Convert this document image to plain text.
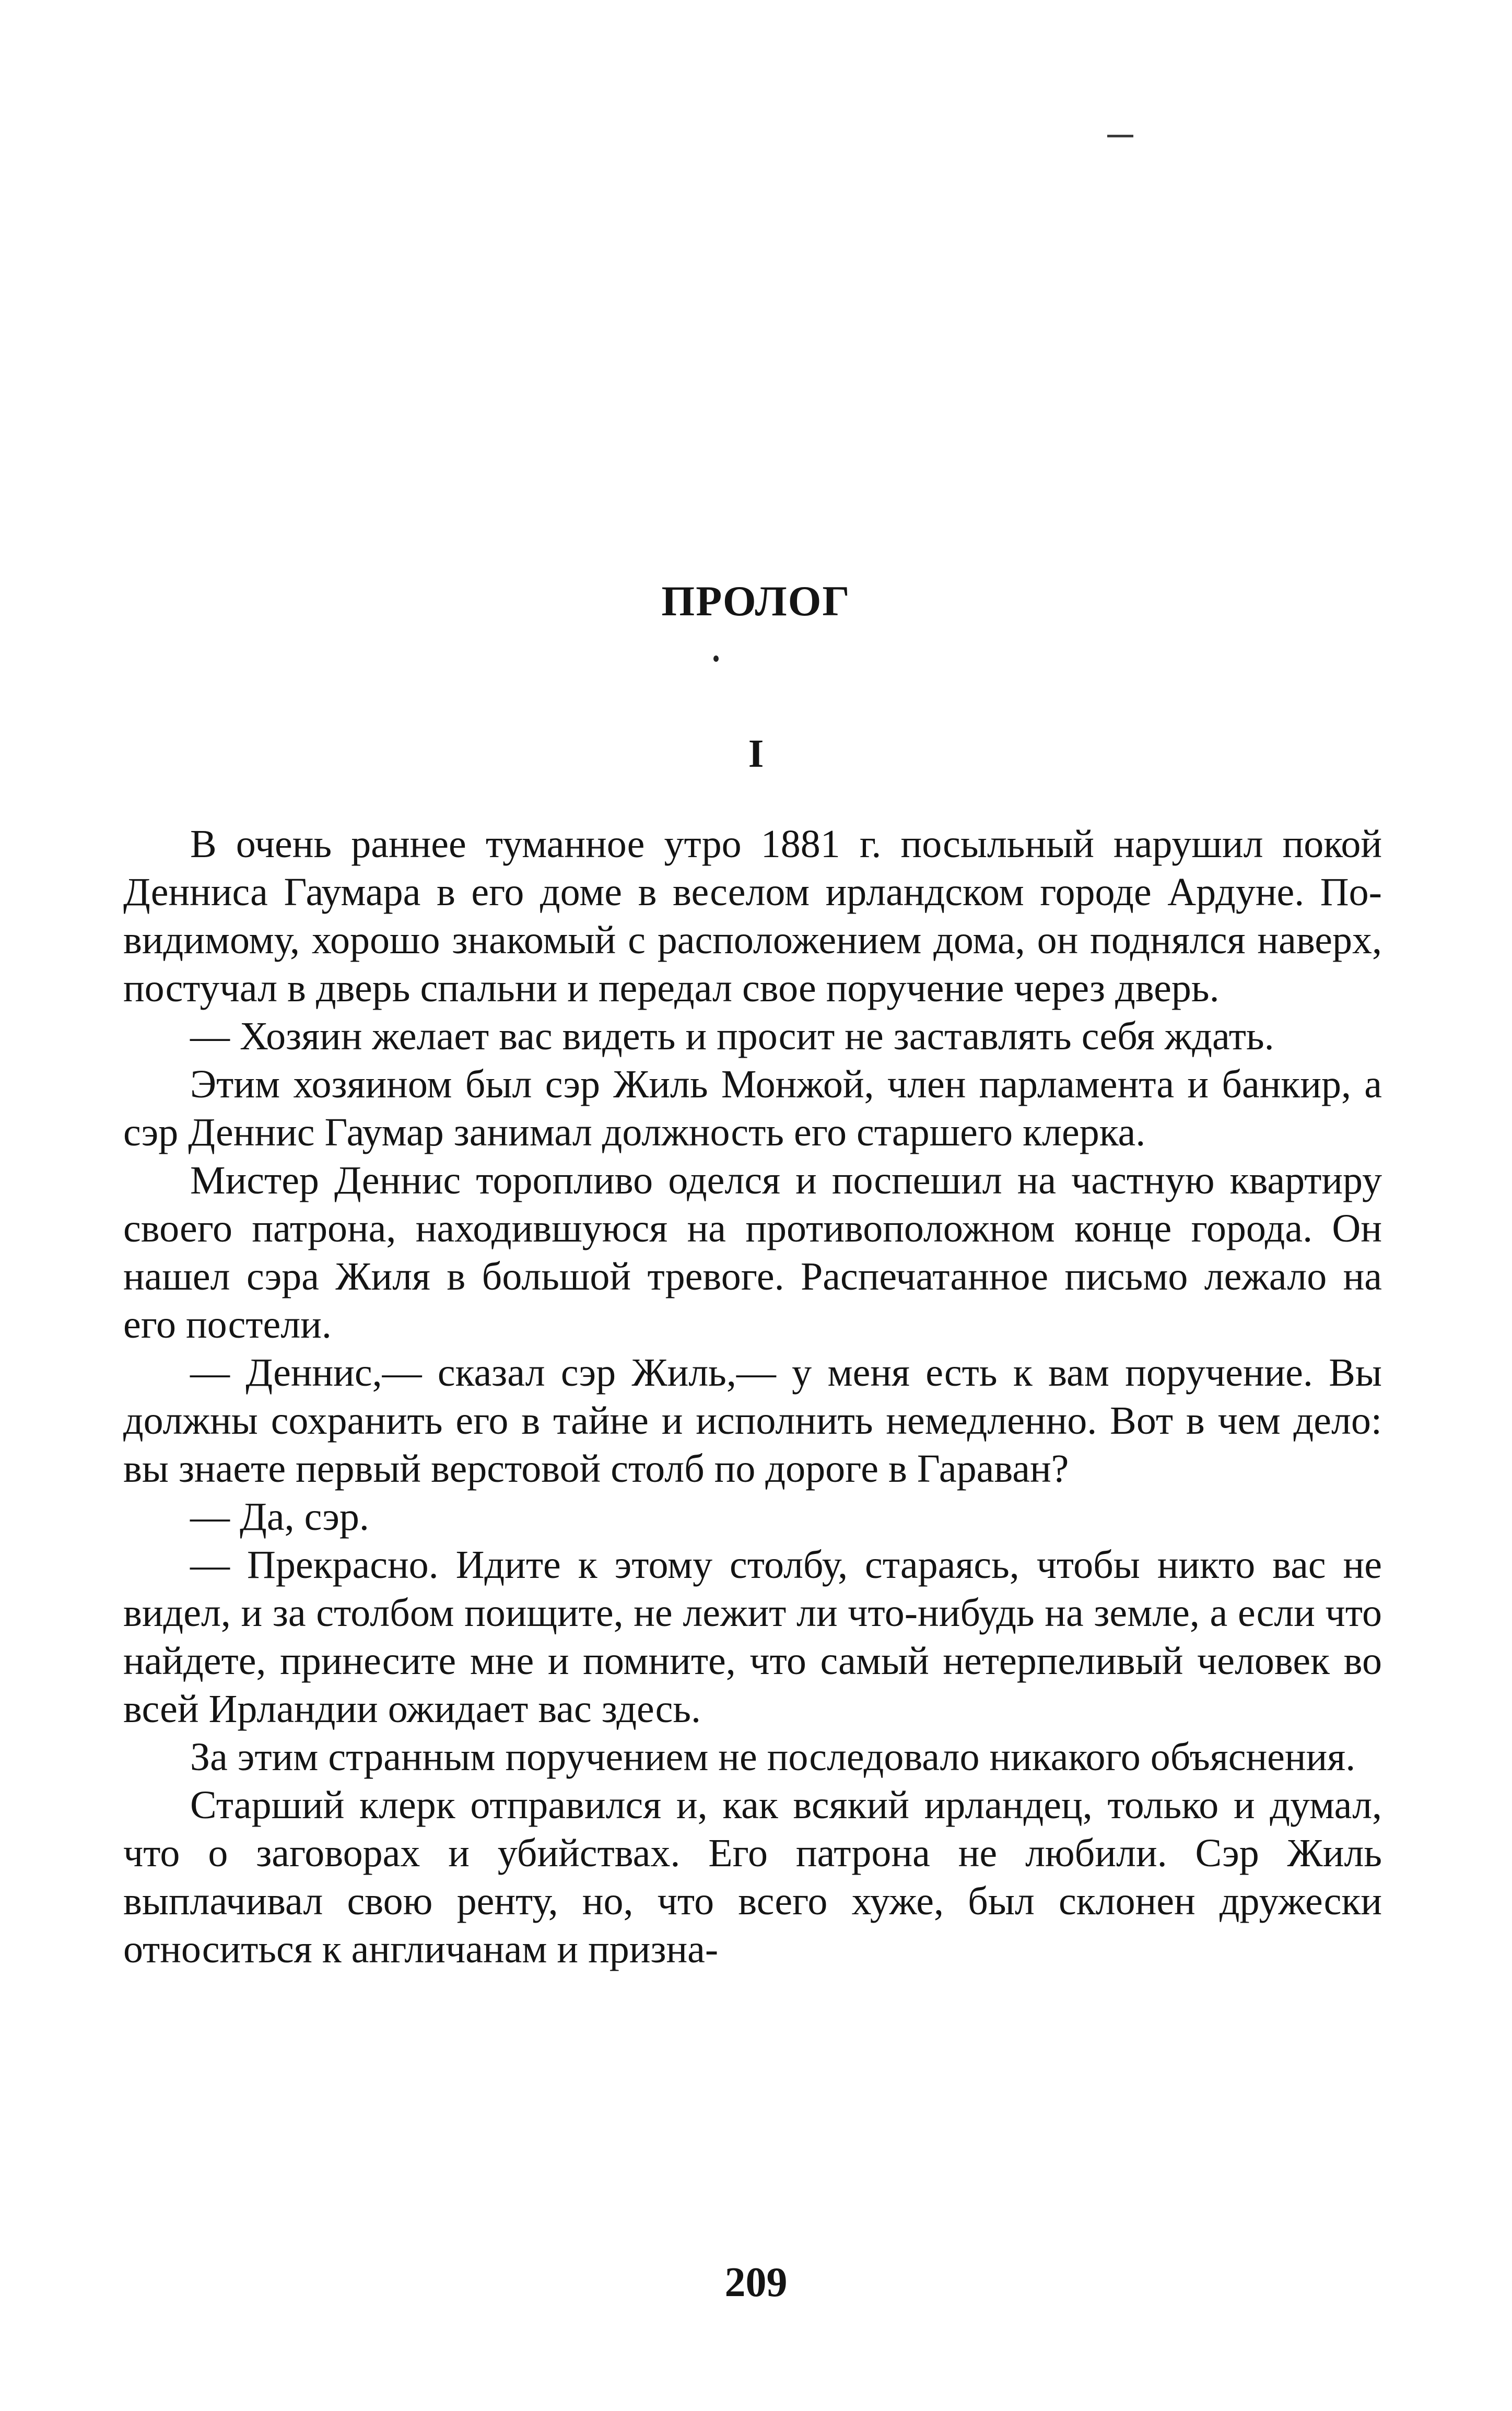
ПРОЛОГ
I

В очень раннее туманное утро 1881 г. посыльный нарушил покой Денниса Гаумара в его доме в веселом ирландском городе Ардуне. По-видимому, хорошо знакомый с расположением дома, он поднялся наверх, постучал в дверь спальни и передал свое поручение через дверь.

— Хозяин желает вас видеть и просит не заставлять себя ждать.

Этим хозяином был сэр Жиль Монжой, член парламента и банкир, а сэр Деннис Гаумар занимал должность его старшего клерка.

Мистер Деннис торопливо оделся и поспешил на частную квартиру своего патрона, находившуюся на противоположном конце города. Он нашел сэра Жиля в большой тревоге. Распечатанное письмо лежало на его постели.

— Деннис,— сказал сэр Жиль,— у меня есть к вам поручение. Вы должны сохранить его в тайне и исполнить немедленно. Вот в чем дело: вы знаете первый верстовой столб по дороге в Гараван?

— Да, сэр.

— Прекрасно. Идите к этому столбу, стараясь, чтобы никто вас не видел, и за столбом поищите, не лежит ли что-нибудь на земле, а если что найдете, принесите мне и помните, что самый нетерпеливый человек во всей Ирландии ожидает вас здесь.

За этим странным поручением не последовало никакого объяснения.

Старший клерк отправился и, как всякий ирландец, только и думал, что о заговорах и убийствах. Его патрона не любили. Сэр Жиль выплачивал свою ренту, но, что всего хуже, был склонен дружески относиться к англичанам и призна-

209
